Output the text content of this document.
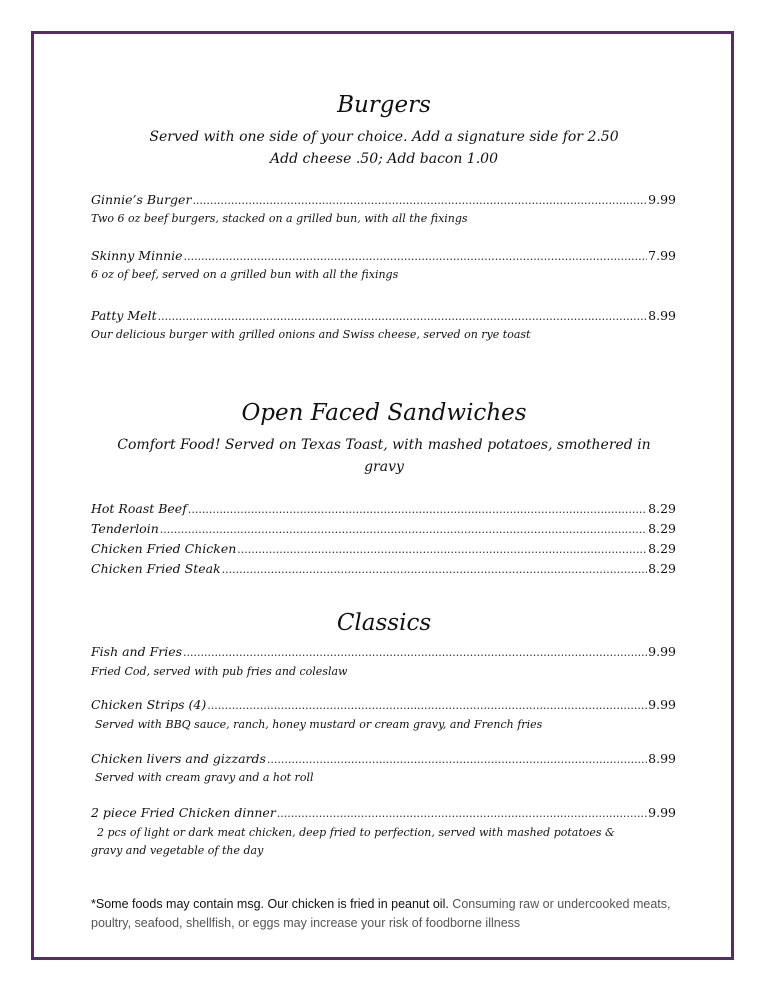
Burgers
Served with one side of your choice. Add a signature side for 2.50
Add cheese .50; Add bacon 1.00
Ginnie’s Burger .....	9.99
Two 6 oz beef burgers, stacked on a grilled bun, with all the fixings
Skinny Minnie .....	7.99
6 oz of beef, served on a grilled bun with all the fixings
Patty Melt .....	8.99
Our delicious burger with grilled onions and Swiss cheese, served on rye toast
Open Faced Sandwiches
Comfort Food! Served on Texas Toast, with mashed potatoes, smothered in
gravy
Hot Roast Beef .....	8.29
Tenderloin .....	8.29
Chicken Fried Chicken .....	8.29
Chicken Fried Steak .....	8.29
Classics
Fish and Fries .....	9.99
Fried Cod, served with pub fries and coleslaw
Chicken Strips (4) .....	9.99
Served with BBQ sauce, ranch, honey mustard or cream gravy, and French fries
Chicken livers and gizzards .....	8.99
Served with cream gravy and a hot roll
2 piece Fried Chicken dinner .....	9.99
2 pcs of light or dark meat chicken, deep fried to perfection, served with mashed potatoes &
gravy and vegetable of the day
*Some foods may contain msg. Our chicken is fried in peanut oil. Consuming raw or undercooked meats, poultry, seafood, shellfish, or eggs may increase your risk of foodborne illness
